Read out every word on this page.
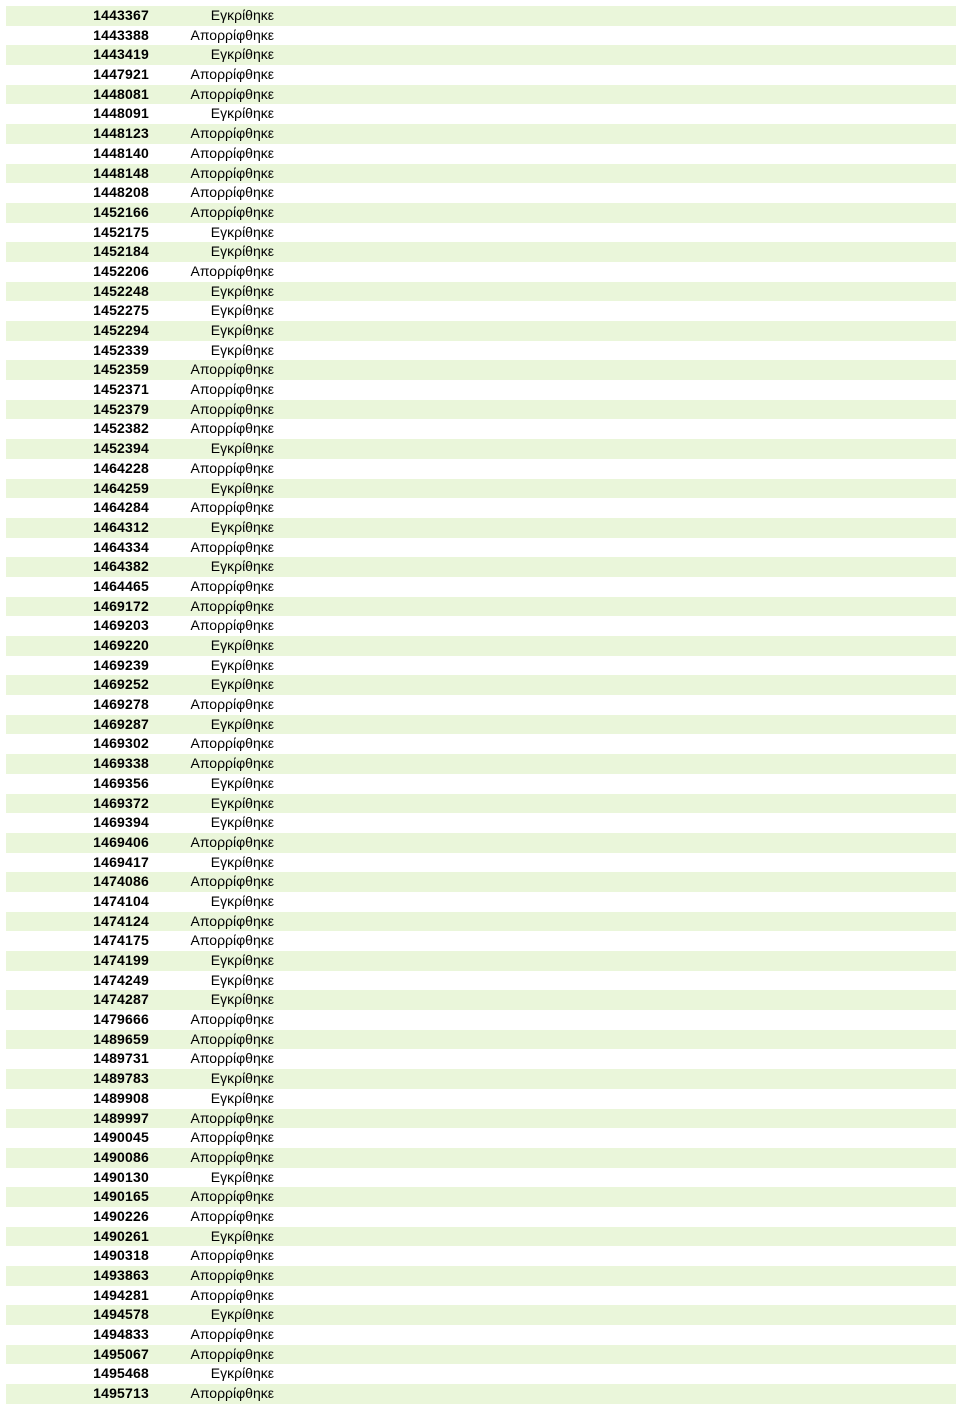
1443367	Εγκρίθηκε
1443388	Απορρίφθηκε
1443419	Εγκρίθηκε
1447921	Απορρίφθηκε
1448081	Απορρίφθηκε
1448091	Εγκρίθηκε
1448123	Απορρίφθηκε
1448140	Απορρίφθηκε
1448148	Απορρίφθηκε
1448208	Απορρίφθηκε
1452166	Απορρίφθηκε
1452175	Εγκρίθηκε
1452184	Εγκρίθηκε
1452206	Απορρίφθηκε
1452248	Εγκρίθηκε
1452275	Εγκρίθηκε
1452294	Εγκρίθηκε
1452339	Εγκρίθηκε
1452359	Απορρίφθηκε
1452371	Απορρίφθηκε
1452379	Απορρίφθηκε
1452382	Απορρίφθηκε
1452394	Εγκρίθηκε
1464228	Απορρίφθηκε
1464259	Εγκρίθηκε
1464284	Απορρίφθηκε
1464312	Εγκρίθηκε
1464334	Απορρίφθηκε
1464382	Εγκρίθηκε
1464465	Απορρίφθηκε
1469172	Απορρίφθηκε
1469203	Απορρίφθηκε
1469220	Εγκρίθηκε
1469239	Εγκρίθηκε
1469252	Εγκρίθηκε
1469278	Απορρίφθηκε
1469287	Εγκρίθηκε
1469302	Απορρίφθηκε
1469338	Απορρίφθηκε
1469356	Εγκρίθηκε
1469372	Εγκρίθηκε
1469394	Εγκρίθηκε
1469406	Απορρίφθηκε
1469417	Εγκρίθηκε
1474086	Απορρίφθηκε
1474104	Εγκρίθηκε
1474124	Απορρίφθηκε
1474175	Απορρίφθηκε
1474199	Εγκρίθηκε
1474249	Εγκρίθηκε
1474287	Εγκρίθηκε
1479666	Απορρίφθηκε
1489659	Απορρίφθηκε
1489731	Απορρίφθηκε
1489783	Εγκρίθηκε
1489908	Εγκρίθηκε
1489997	Απορρίφθηκε
1490045	Απορρίφθηκε
1490086	Απορρίφθηκε
1490130	Εγκρίθηκε
1490165	Απορρίφθηκε
1490226	Απορρίφθηκε
1490261	Εγκρίθηκε
1490318	Απορρίφθηκε
1493863	Απορρίφθηκε
1494281	Απορρίφθηκε
1494578	Εγκρίθηκε
1494833	Απορρίφθηκε
1495067	Απορρίφθηκε
1495468	Εγκρίθηκε
1495713	Απορρίφθηκε
